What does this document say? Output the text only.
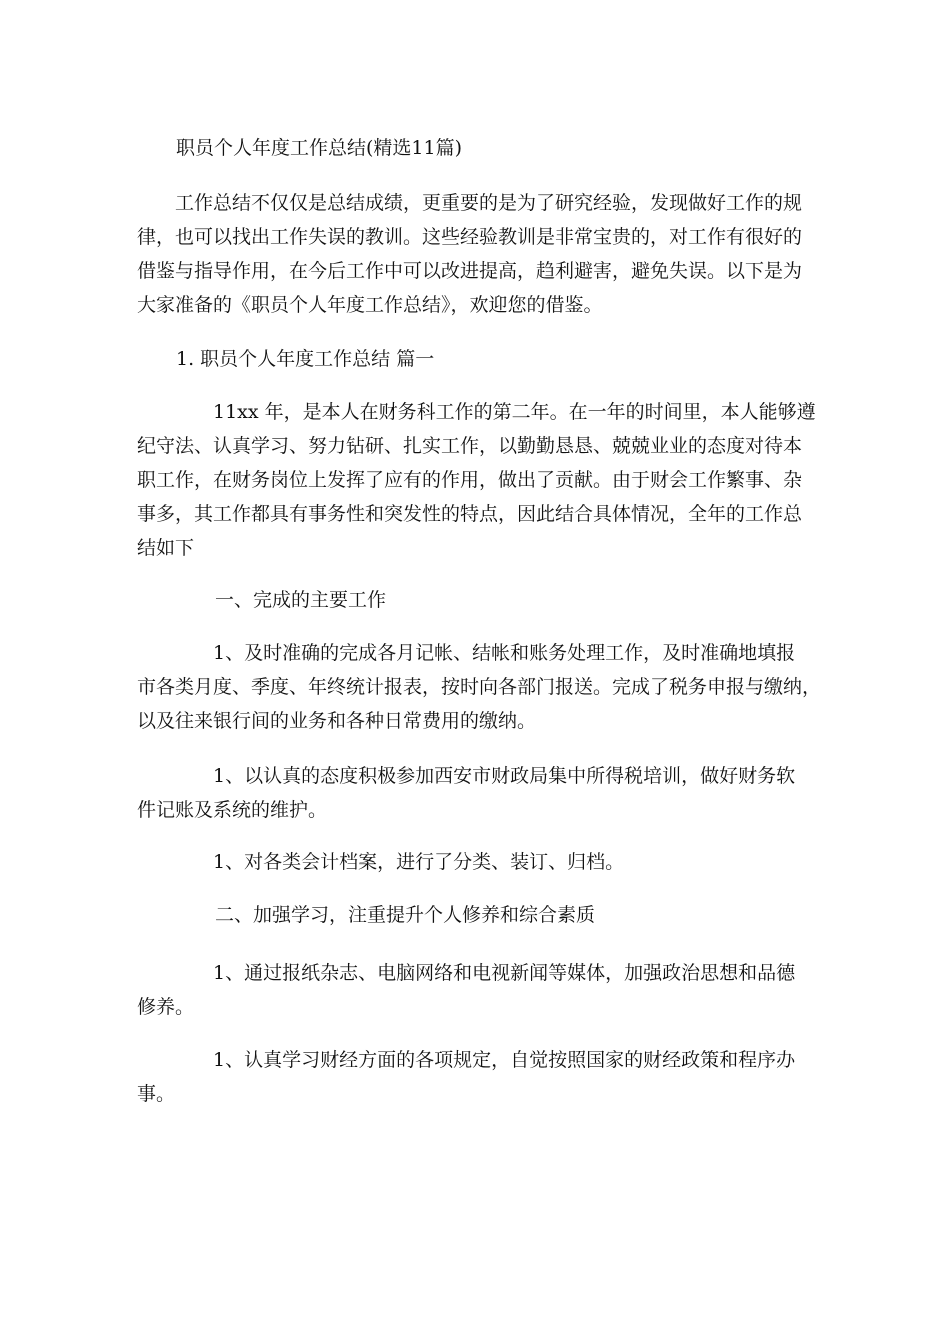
职员个人年度工作总结(精选11篇)

工作总结不仅仅是总结成绩，更重要的是为了研究经验，发现做好工作的规
律，也可以找出工作失误的教训。这些经验教训是非常宝贵的，对工作有很好的
借鉴与指导作用，在今后工作中可以改进提高，趋利避害，避免失误。以下是为
大家准备的《职员个人年度工作总结》，欢迎您的借鉴。

1. 职员个人年度工作总结 篇一

11xx 年，是本人在财务科工作的第二年。在一年的时间里，本人能够遵
纪守法、认真学习、努力钻研、扎实工作，以勤勤恳恳、兢兢业业的态度对待本
职工作，在财务岗位上发挥了应有的作用，做出了贡献。由于财会工作繁事、杂
事多，其工作都具有事务性和突发性的特点，因此结合具体情况，全年的工作总
结如下

一、完成的主要工作

1、及时准确的完成各月记帐、结帐和账务处理工作，及时准确地填报
市各类月度、季度、年终统计报表，按时向各部门报送。完成了税务申报与缴纳，
以及往来银行间的业务和各种日常费用的缴纳。

1、以认真的态度积极参加西安市财政局集中所得税培训，做好财务软
件记账及系统的维护。

1、对各类会计档案，进行了分类、装订、归档。

二、加强学习，注重提升个人修养和综合素质

1、通过报纸杂志、电脑网络和电视新闻等媒体，加强政治思想和品德
修养。

1、认真学习财经方面的各项规定，自觉按照国家的财经政策和程序办
事。
